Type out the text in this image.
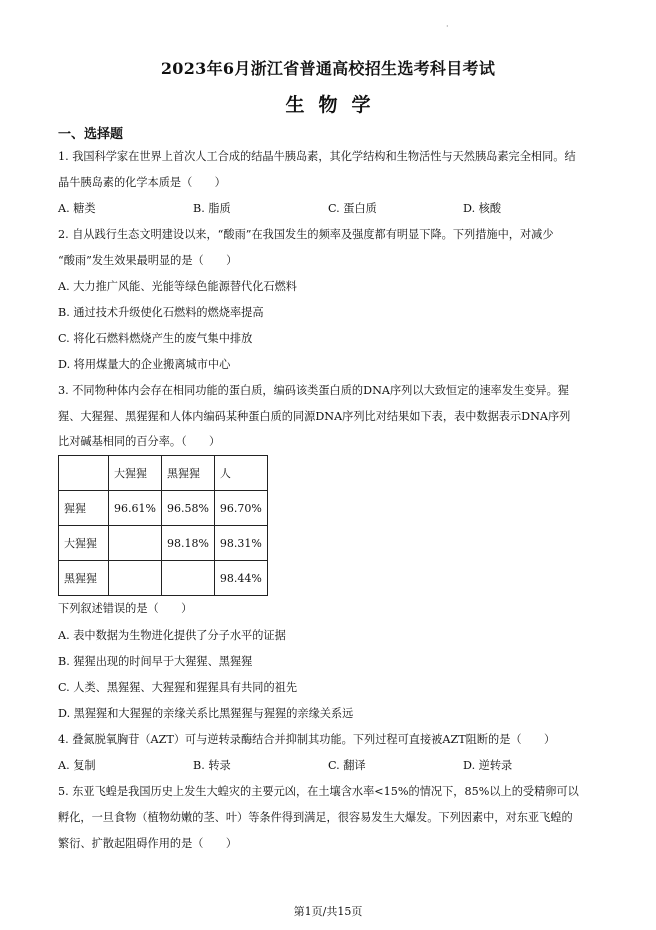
·
2023年6月浙江省普通高校招生选考科目考试
生物学
一、选择题
1. 我国科学家在世界上首次人工合成的结晶牛胰岛素，其化学结构和生物活性与天然胰岛素完全相同。结
晶牛胰岛素的化学本质是（　　）
A. 糖类	B. 脂质	C. 蛋白质	D. 核酸
2. 自从践行生态文明建设以来，“酸雨”在我国发生的频率及强度都有明显下降。下列措施中，对减少
“酸雨”发生效果最明显的是（　　）
A. 大力推广风能、光能等绿色能源替代化石燃料
B. 通过技术升级使化石燃料的燃烧率提高
C. 将化石燃料燃烧产生的废气集中排放
D. 将用煤量大的企业搬离城市中心
3. 不同物种体内会存在相同功能的蛋白质，编码该类蛋白质的DNA序列以大致恒定的速率发生变异。猩
猩、大猩猩、黑猩猩和人体内编码某种蛋白质的同源DNA序列比对结果如下表，表中数据表示DNA序列
比对碱基相同的百分率。（　　）
	大猩猩	黑猩猩	人
猩猩	96.61%	96.58%	96.70%
大猩猩		98.18%	98.31%
黑猩猩			98.44%
下列叙述错误的是（　　）
A. 表中数据为生物进化提供了分子水平的证据
B. 猩猩出现的时间早于大猩猩、黑猩猩
C. 人类、黑猩猩、大猩猩和猩猩具有共同的祖先
D. 黑猩猩和大猩猩的亲缘关系比黑猩猩与猩猩的亲缘关系远
4. 叠氮脱氧胸苷（AZT）可与逆转录酶结合并抑制其功能。下列过程可直接被AZT阻断的是（　　）
A. 复制	B. 转录	C. 翻译	D. 逆转录
5. 东亚飞蝗是我国历史上发生大蝗灾的主要元凶，在土壤含水率<15%的情况下，85%以上的受精卵可以
孵化，一旦食物（植物幼嫩的茎、叶）等条件得到满足，很容易发生大爆发。下列因素中，对东亚飞蝗的
繁衍、扩散起阻碍作用的是（　　）
第1页/共15页
